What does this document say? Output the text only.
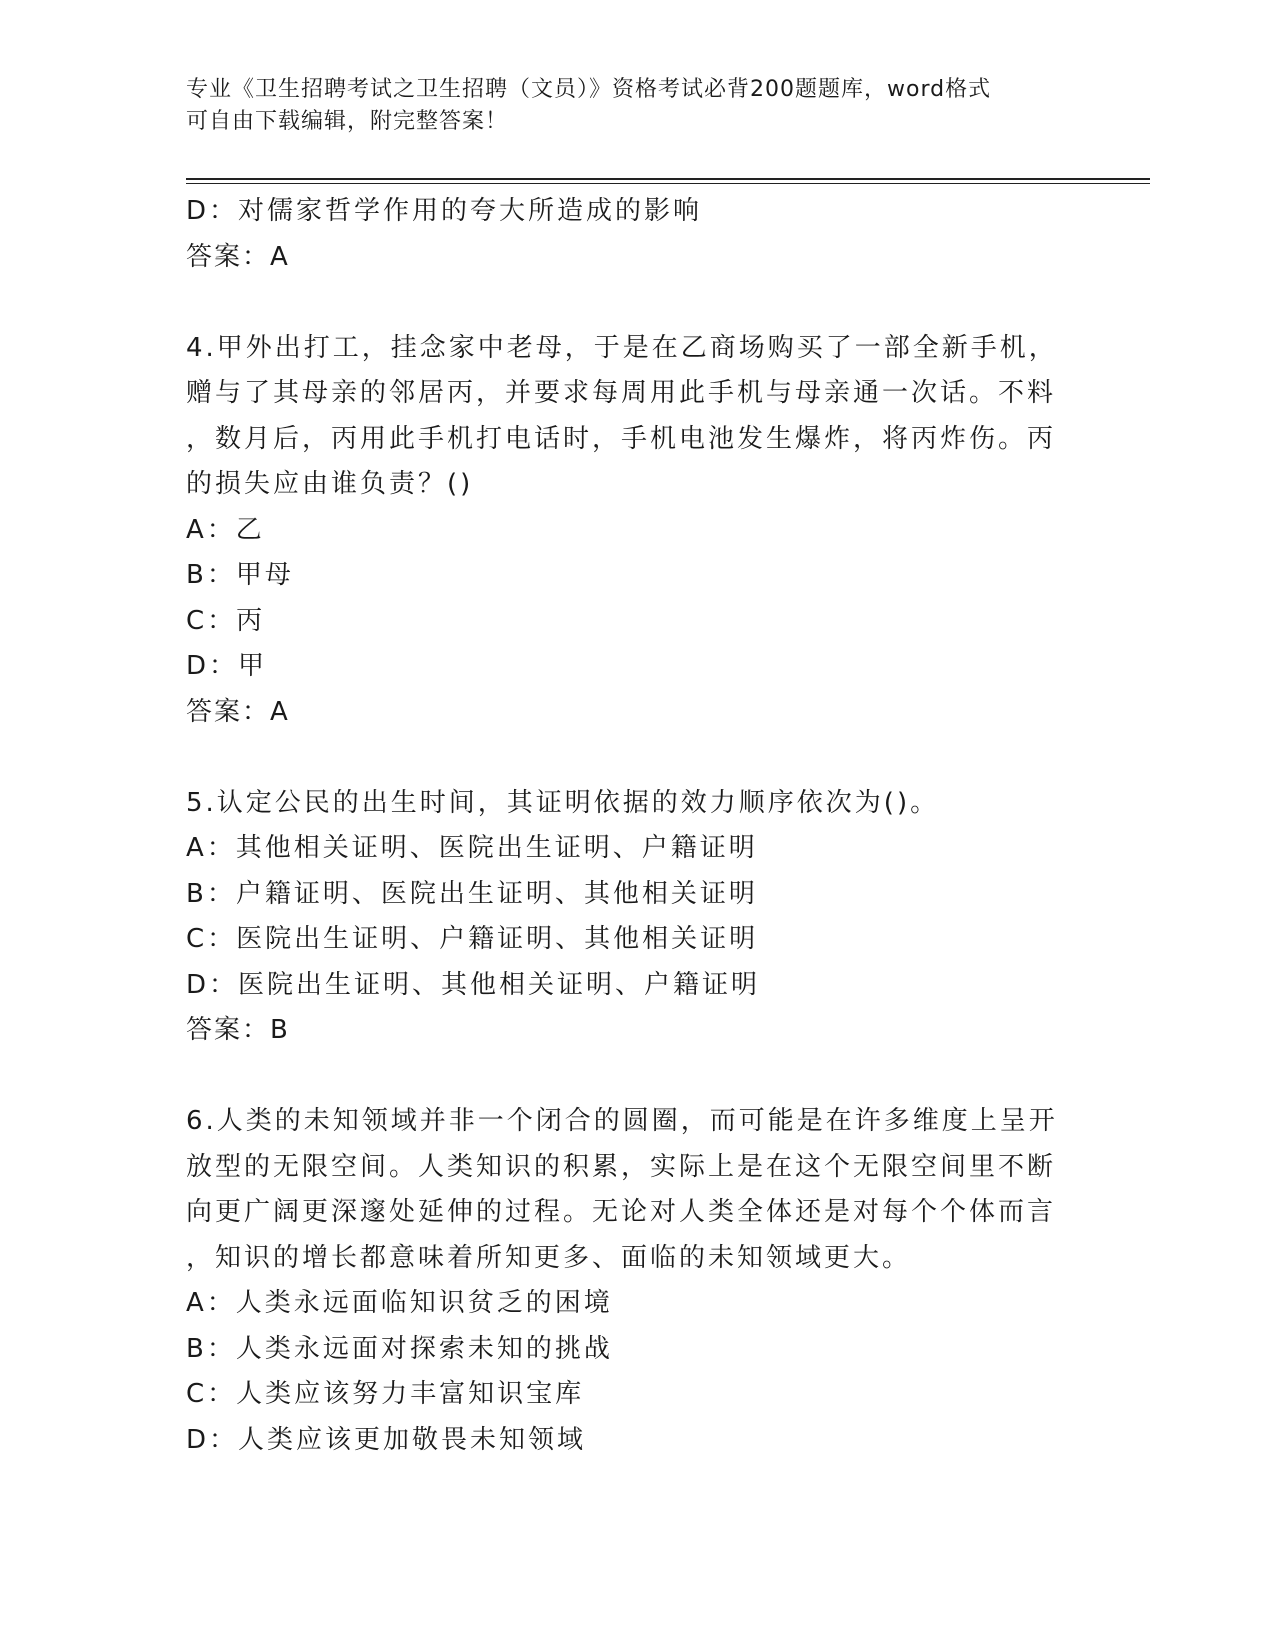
专业《卫生招聘考试之卫生招聘（文员）》资格考试必背200题题库，word格式
可自由下载编辑，附完整答案！
D：对儒家哲学作用的夸大所造成的影响
答案：A
4.甲外出打工，挂念家中老母，于是在乙商场购买了一部全新手机，
赠与了其母亲的邻居丙，并要求每周用此手机与母亲通一次话。不料
，数月后，丙用此手机打电话时，手机电池发生爆炸，将丙炸伤。丙
的损失应由谁负责？()
A：乙
B：甲母
C：丙
D：甲
答案：A
5.认定公民的出生时间，其证明依据的效力顺序依次为()。
A：其他相关证明、医院出生证明、户籍证明
B：户籍证明、医院出生证明、其他相关证明
C：医院出生证明、户籍证明、其他相关证明
D：医院出生证明、其他相关证明、户籍证明
答案：B
6.人类的未知领域并非一个闭合的圆圈，而可能是在许多维度上呈开
放型的无限空间。人类知识的积累，实际上是在这个无限空间里不断
向更广阔更深邃处延伸的过程。无论对人类全体还是对每个个体而言
，知识的增长都意味着所知更多、面临的未知领域更大。
A：人类永远面临知识贫乏的困境
B：人类永远面对探索未知的挑战
C：人类应该努力丰富知识宝库
D：人类应该更加敬畏未知领域
